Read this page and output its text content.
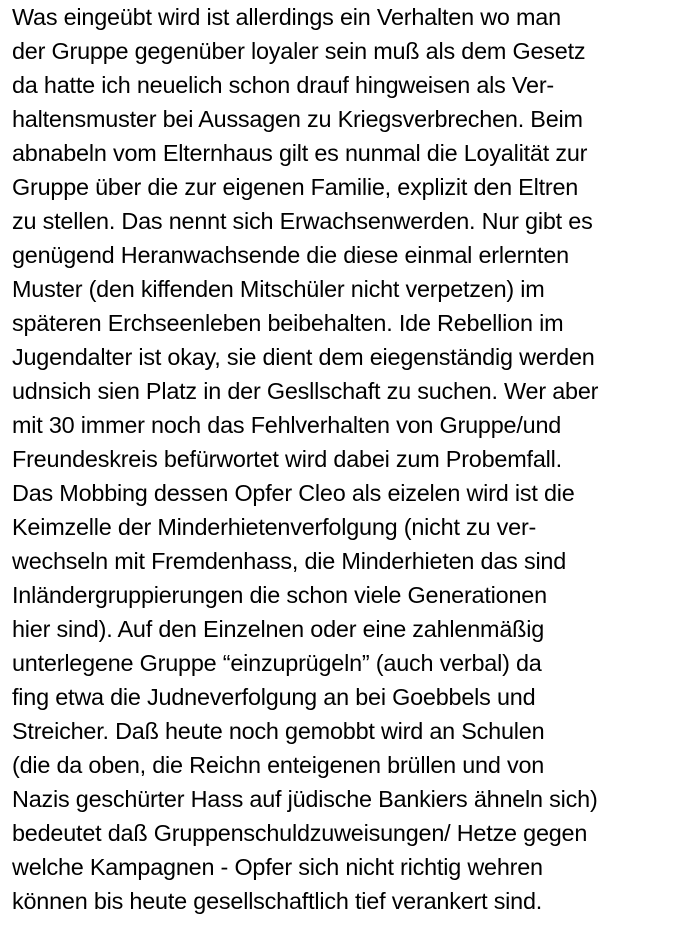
Was eingeübt wird ist allerdings ein Verhalten wo man
der Gruppe gegenüber loyaler sein muß als dem Gesetz
da hatte ich neuelich schon drauf hingweisen als Ver-
haltensmuster bei Aussagen zu Kriegsverbrechen. Beim
abnabeln vom Elternhaus gilt es nunmal die Loyalität zur
Gruppe über die zur eigenen Familie, explizit den Eltren
zu stellen. Das nennt sich Erwachsenwerden. Nur gibt es
genügend Heranwachsende die diese einmal erlernten
Muster (den kiffenden Mitschüler nicht verpetzen) im
späteren Erchseenleben beibehalten. Ide Rebellion im
Jugendalter ist okay, sie dient dem eiegenständig werden
udnsich sien Platz in der Gesllschaft zu suchen. Wer aber
mit 30 immer noch das Fehlverhalten von Gruppe/und
Freundeskreis befürwortet wird dabei zum Probemfall.
Das Mobbing dessen Opfer Cleo als eizelen wird ist die
Keimzelle der Minderhietenverfolgung (nicht zu ver-
wechseln mit Fremdenhass, die Minderhieten das sind
Inländergruppierungen die schon viele Generationen
hier sind). Auf den Einzelnen oder eine zahlenmäßig
unterlegene Gruppe “einzuprügeln” (auch verbal) da
fing etwa die Judneverfolgung an bei Goebbels und
Streicher. Daß heute noch gemobbt wird an Schulen
(die da oben, die Reichn enteigenen brüllen und von
Nazis geschürter Hass auf jüdische Bankiers ähneln sich)
bedeutet daß Gruppenschuldzuweisungen/ Hetze gegen
welche Kampagnen - Opfer sich nicht richtig wehren
können bis heute gesellschaftlich tief verankert sind.
